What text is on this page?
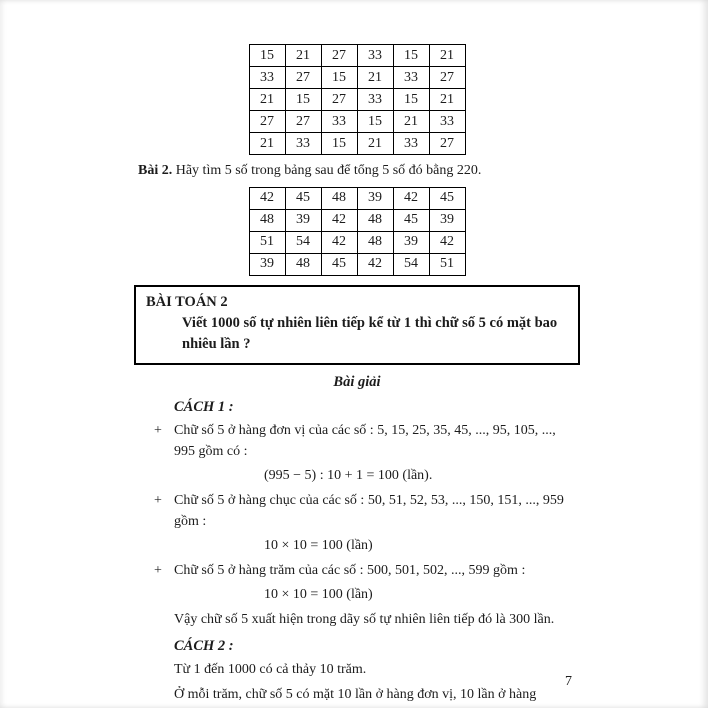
15	21	27	33	15	21
33	27	15	21	33	27
21	15	27	33	15	21
27	27	33	15	21	33
21	33	15	21	33	27
Bài 2. Hãy tìm 5 số trong bảng sau để tổng 5 số đó bằng 220.
42	45	48	39	42	45
48	39	42	48	45	39
51	54	42	48	39	42
39	48	45	42	54	51
BÀI TOÁN 2
Viết 1000 số tự nhiên liên tiếp kể từ 1 thì chữ số 5 có mặt bao nhiêu lần ?
Bài giải
CÁCH 1 :
+ Chữ số 5 ở hàng đơn vị của các số : 5, 15, 25, 35, 45, ..., 95, 105, ..., 995 gồm có :
(995 − 5) : 10 + 1 = 100 (lần).
+ Chữ số 5 ở hàng chục của các số : 50, 51, 52, 53, ..., 150, 151, ..., 959 gồm :
10 × 10 = 100 (lần)
+ Chữ số 5 ở hàng trăm của các số : 500, 501, 502, ..., 599 gồm :
10 × 10 = 100 (lần)
Vậy chữ số 5 xuất hiện trong dãy số tự nhiên liên tiếp đó là 300 lần.
CÁCH 2 :
Từ 1 đến 1000 có cả thảy 10 trăm.
Ở mỗi trăm, chữ số 5 có mặt 10 lần ở hàng đơn vị, 10 lần ở hàng
7
